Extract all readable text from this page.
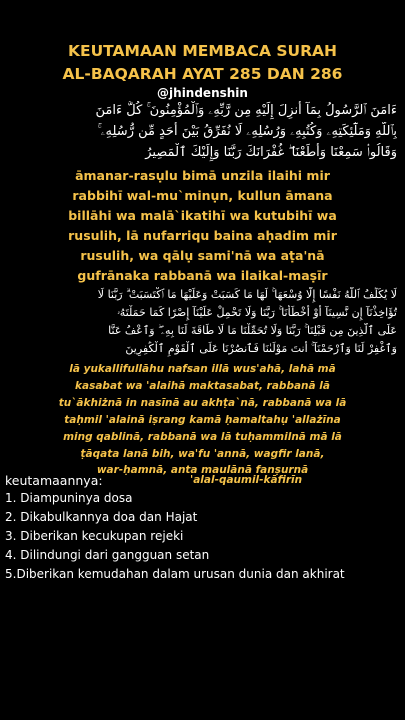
KEUTAMAAN MEMBACA SURAH
AL-BAQARAH AYAT 285 DAN 286
@jhindenshin
ءَامَنَ ٱلرَّسُولُ بِمَآ أُنزِلَ إِلَيْهِ مِن رَّبِّهِۦ وَٱلْمُؤْمِنُونَ ۚ كُلٌّ ءَامَنَ
بِٱللَّهِ وَمَلَٰٓئِكَتِهِۦ وَكُتُبِهِۦ وَرُسُلِهِۦ لَا نُفَرِّقُ بَيْنَ أَحَدٍ مِّن رُّسُلِهِۦ ۚ
وَقَالُوا۟ سَمِعْنَا وَأَطَعْنَا ۖ غُفْرَانَكَ رَبَّنَا وَإِلَيْكَ ٱلْمَصِيرُ
āmanar-rasụlu bimā unzila ilaihi mir
rabbihī wal-mu`minụn, kullun āmana
billāhi wa malā`ikatihī wa kutubihī wa
rusulih, lā nufarriqu baina aḥadim mir
rusulih, wa qālụ sami'nā wa aṭa'nā
gufrānaka rabbanā wa ilaikal-maṣīr
لَا يُكَلِّفُ ٱللَّهُ نَفْسًا إِلَّا وُسْعَهَا ۚ لَهَا مَا كَسَبَتْ وَعَلَيْهَا مَا ٱكْتَسَبَتْ ۗ رَبَّنَا لَا
تُؤَاخِذْنَآ إِن نَّسِينَآ أَوْ أَخْطَأْنَا ۚ رَبَّنَا وَلَا تَحْمِلْ عَلَيْنَآ إِصْرًا كَمَا حَمَلْتَهُۥ
عَلَى ٱلَّذِينَ مِن قَبْلِنَا ۚ رَبَّنَا وَلَا تُحَمِّلْنَا مَا لَا طَاقَةَ لَنَا بِهِۦ ۖ وَٱعْفُ عَنَّا
وَٱغْفِرْ لَنَا وَٱرْحَمْنَآ ۚ أَنتَ مَوْلَىٰنَا فَٱنصُرْنَا عَلَى ٱلْقَوْمِ ٱلْكَٰفِرِينَ
lā yukallifullāhu nafsan illā wus'ahā, lahā mā
kasabat wa 'alaihā maktasabat, rabbanā lā
tu`ākhiżnā in nasīnā au akhṭa`nā, rabbanā wa lā
taḥmil 'alainā iṣrang kamā ḥamaltahụ 'allażīna
ming qablinā, rabbanā wa lā tuḥammilnā mā lā
ṭāqata lanā bih, wa'fu 'annā, wagfir lanā,
war-ḥamnā, anta maulānā fanṣurnā
keutamaannya:	'alal-qaumil-kāfirīn
1. Diampuninya dosa
2. Dikabulkannya doa dan Hajat
3. Diberikan kecukupan rejeki
4. Dilindungi dari gangguan setan
5.Diberikan kemudahan dalam urusan dunia dan akhirat
